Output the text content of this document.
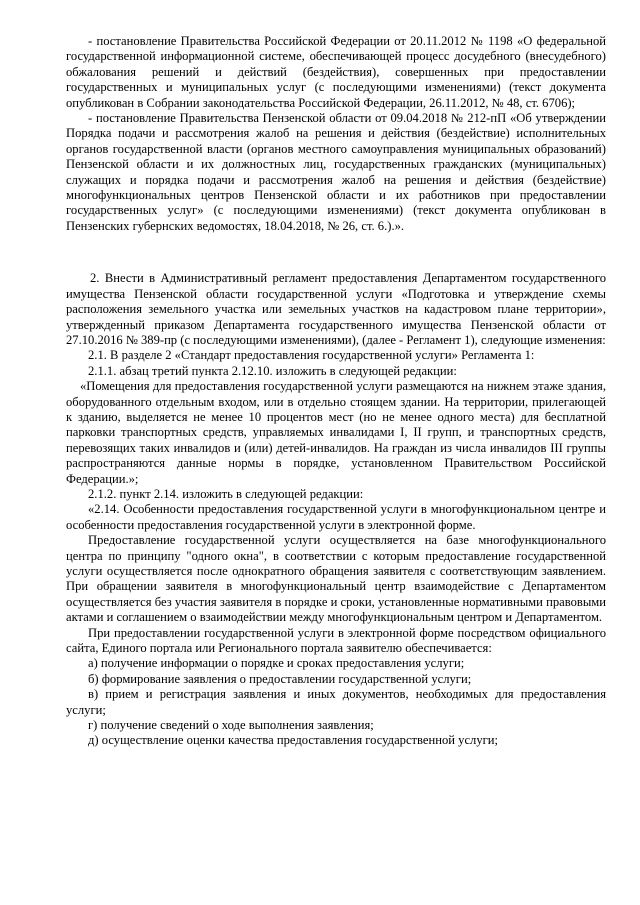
- постановление Правительства Российской Федерации от 20.11.2012 № 1198 «О федеральной государственной информационной системе, обеспечивающей процесс досудебного (внесудебного) обжалования решений и действий (бездействия), совершенных при предоставлении государственных и муниципальных услуг (с последующими изменениями) (текст документа опубликован в Собрании законодательства Российской Федерации, 26.11.2012, № 48, ст. 6706);

- постановление Правительства Пензенской области от 09.04.2018 № 212-пП «Об утверждении Порядка подачи и рассмотрения жалоб на решения и действия (бездействие) исполнительных органов государственной власти (органов местного самоуправления муниципальных образований) Пензенской области и их должностных лиц, государственных гражданских (муниципальных) служащих и порядка подачи и рассмотрения жалоб на решения и действия (бездействие) многофункциональных центров Пензенской области и их работников при предоставлении государственных услуг» (с последующими изменениями) (текст документа опубликован в Пензенских губернских ведомостях, 18.04.2018, № 26, ст. 6.).».

2. Внести в Административный регламент предоставления Департаментом государственного имущества Пензенской области государственной услуги «Подготовка и утверждение схемы расположения земельного участка или земельных участков на кадастровом плане территории», утвержденный приказом Департамента государственного имущества Пензенской области от 27.10.2016 № 389-пр (с последующими изменениями), (далее - Регламент 1), следующие изменения:

2.1. В разделе 2 «Стандарт предоставления государственной услуги» Регламента 1:

2.1.1. абзац третий пункта 2.12.10. изложить в следующей редакции:

«Помещения для предоставления государственной услуги размещаются на нижнем этаже здания, оборудованного отдельным входом, или в отдельно стоящем здании. На территории, прилегающей к зданию, выделяется не менее 10 процентов мест (но не менее одного места) для бесплатной парковки транспортных средств, управляемых инвалидами I, II групп, и транспортных средств, перевозящих таких инвалидов и (или) детей-инвалидов. На граждан из числа инвалидов III группы распространяются данные нормы в порядке, установленном Правительством Российской Федерации.»;

2.1.2. пункт 2.14. изложить в следующей редакции:

«2.14. Особенности предоставления государственной услуги в многофункциональном центре и особенности предоставления государственной услуги в электронной форме.

Предоставление государственной услуги осуществляется на базе многофункционального центра по принципу "одного окна", в соответствии с которым предоставление государственной услуги осуществляется после однократного обращения заявителя с соответствующим заявлением. При обращении заявителя в многофункциональный центр взаимодействие с Департаментом осуществляется без участия заявителя в порядке и сроки, установленные нормативными правовыми актами и соглашением о взаимодействии между многофункциональным центром и Департаментом.

При предоставлении государственной услуги в электронной форме посредством официального сайта, Единого портала или Регионального портала заявителю обеспечивается:

а) получение информации о порядке и сроках предоставления услуги;

б) формирование заявления о предоставлении государственной услуги;

в) прием и регистрация заявления и иных документов, необходимых для предоставления услуги;

г) получение сведений о ходе выполнения заявления;

д) осуществление оценки качества предоставления государственной услуги;
